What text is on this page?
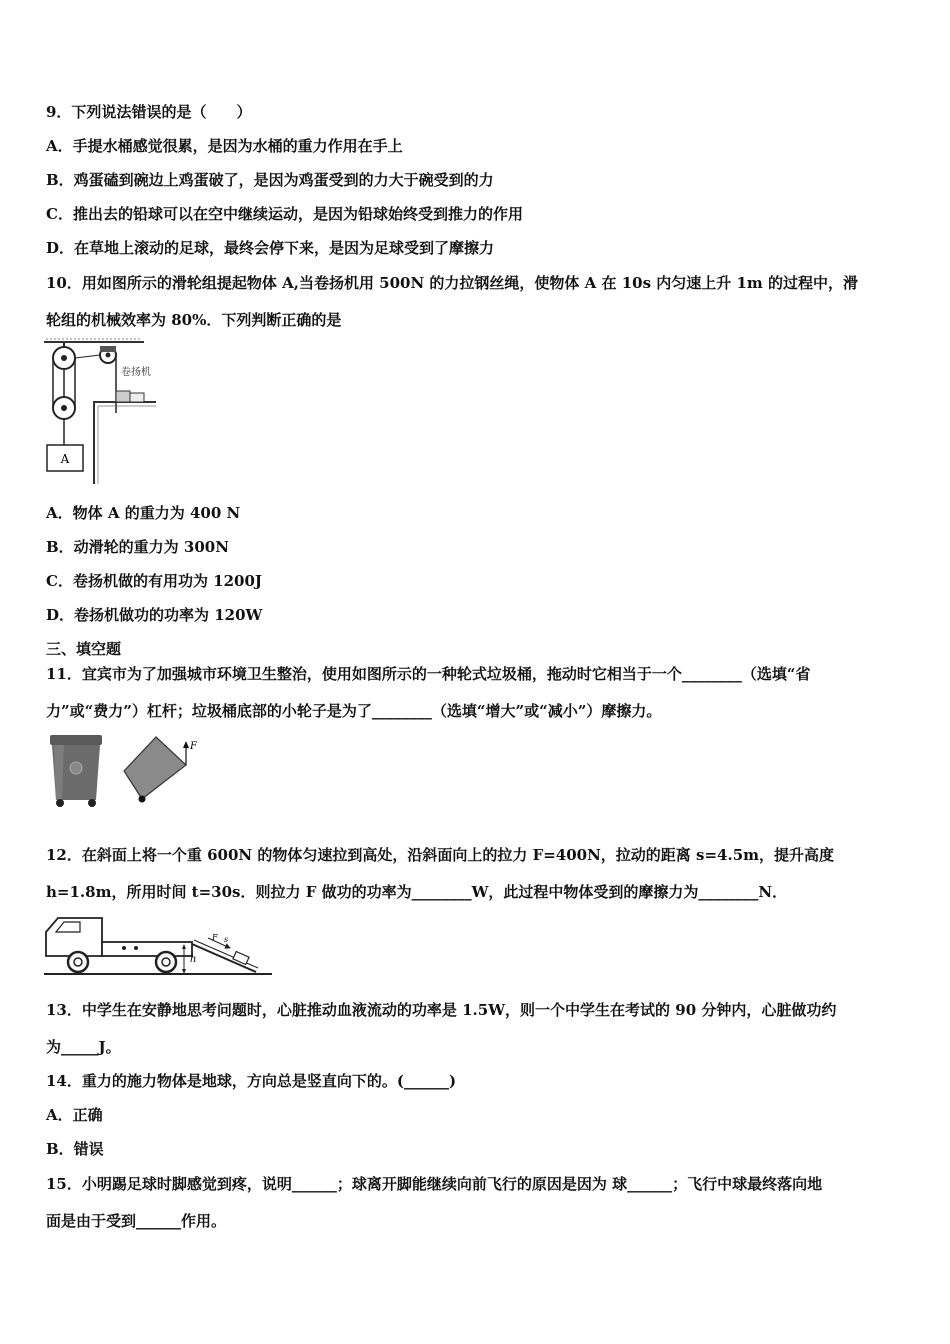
9．下列说法错误的是（　　）
A．手提水桶感觉很累，是因为水桶的重力作用在手上
B．鸡蛋磕到碗边上鸡蛋破了，是因为鸡蛋受到的力大于碗受到的力
C．推出去的铅球可以在空中继续运动，是因为铅球始终受到推力的作用
D．在草地上滚动的足球，最终会停下来，是因为足球受到了摩擦力
10．用如图所示的滑轮组提起物体 A,当卷扬机用 500N 的力拉钢丝绳，使物体 A 在 10s 内匀速上升 1m 的过程中，滑
轮组的机械效率为 80%．下列判断正确的是
A
卷扬机
A．物体 A 的重力为 400 N
B．动滑轮的重力为 300N
C．卷扬机做的有用功为 1200J
D．卷扬机做功的功率为 120W
三、填空题
11．宜宾市为了加强城市环境卫生整治，使用如图所示的一种轮式垃圾桶，拖动时它相当于一个________（选填“省
力”或“费力”）杠杆；垃圾桶底部的小轮子是为了________（选填“增大”或“减小”）摩擦力。
F
12．在斜面上将一个重 600N 的物体匀速拉到高处，沿斜面向上的拉力 F=400N，拉动的距离 s=4.5m，提升高度
h=1.8m，所用时间 t=30s．则拉力 F 做功的功率为________W，此过程中物体受到的摩擦力为________N．
F s
h
13．中学生在安静地思考问题时，心脏推动血液流动的功率是 1.5W，则一个中学生在考试的 90 分钟内，心脏做功约
为_____J。
14．重力的施力物体是地球，方向总是竖直向下的。(______)
A．正确
B．错误
15．小明踢足球时脚感觉到疼，说明______；球离开脚能继续向前飞行的原因是因为 球______；飞行中球最终落向地
面是由于受到______作用。
